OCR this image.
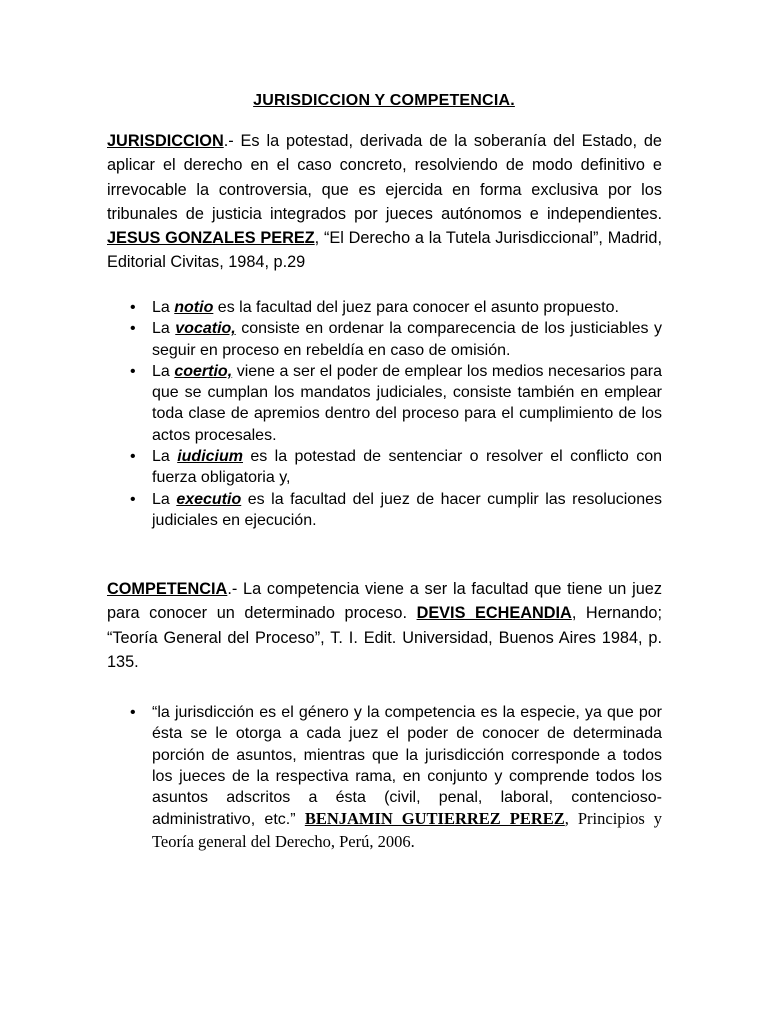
JURISDICCION Y COMPETENCIA.

JURISDICCION.- Es la potestad, derivada de la soberanía del Estado, de aplicar el derecho en el caso concreto, resolviendo de modo definitivo e irrevocable la controversia, que es ejercida en forma exclusiva por los tribunales de justicia integrados por jueces autónomos e independientes. JESUS GONZALES PEREZ, “El Derecho a la Tutela Jurisdiccional”, Madrid, Editorial Civitas, 1984, p.29

• La notio es la facultad del juez para conocer el asunto propuesto.
• La vocatio, consiste en ordenar la comparecencia de los justiciables y seguir en proceso en rebeldía en caso de omisión.
• La coertio, viene a ser el poder de emplear los medios necesarios para que se cumplan los mandatos judiciales, consiste también en emplear toda clase de apremios dentro del proceso para el cumplimiento de los actos procesales.
• La iudicium es la potestad de sentenciar o resolver el conflicto con fuerza obligatoria y,
• La executio es la facultad del juez de hacer cumplir las resoluciones judiciales en ejecución.

COMPETENCIA.- La competencia viene a ser la facultad que tiene un juez para conocer un determinado proceso. DEVIS ECHEANDIA, Hernando; “Teoría General del Proceso”, T. I. Edit. Universidad, Buenos Aires 1984, p. 135.

• “la jurisdicción es el género y la competencia es la especie, ya que por ésta se le otorga a cada juez el poder de conocer de determinada porción de asuntos, mientras que la jurisdicción corresponde a todos los jueces de la respectiva rama, en conjunto y comprende todos los asuntos adscritos a ésta (civil, penal, laboral, contencioso-administrativo, etc.” BENJAMIN GUTIERREZ PEREZ, Principios y Teoría general del Derecho, Perú, 2006.
